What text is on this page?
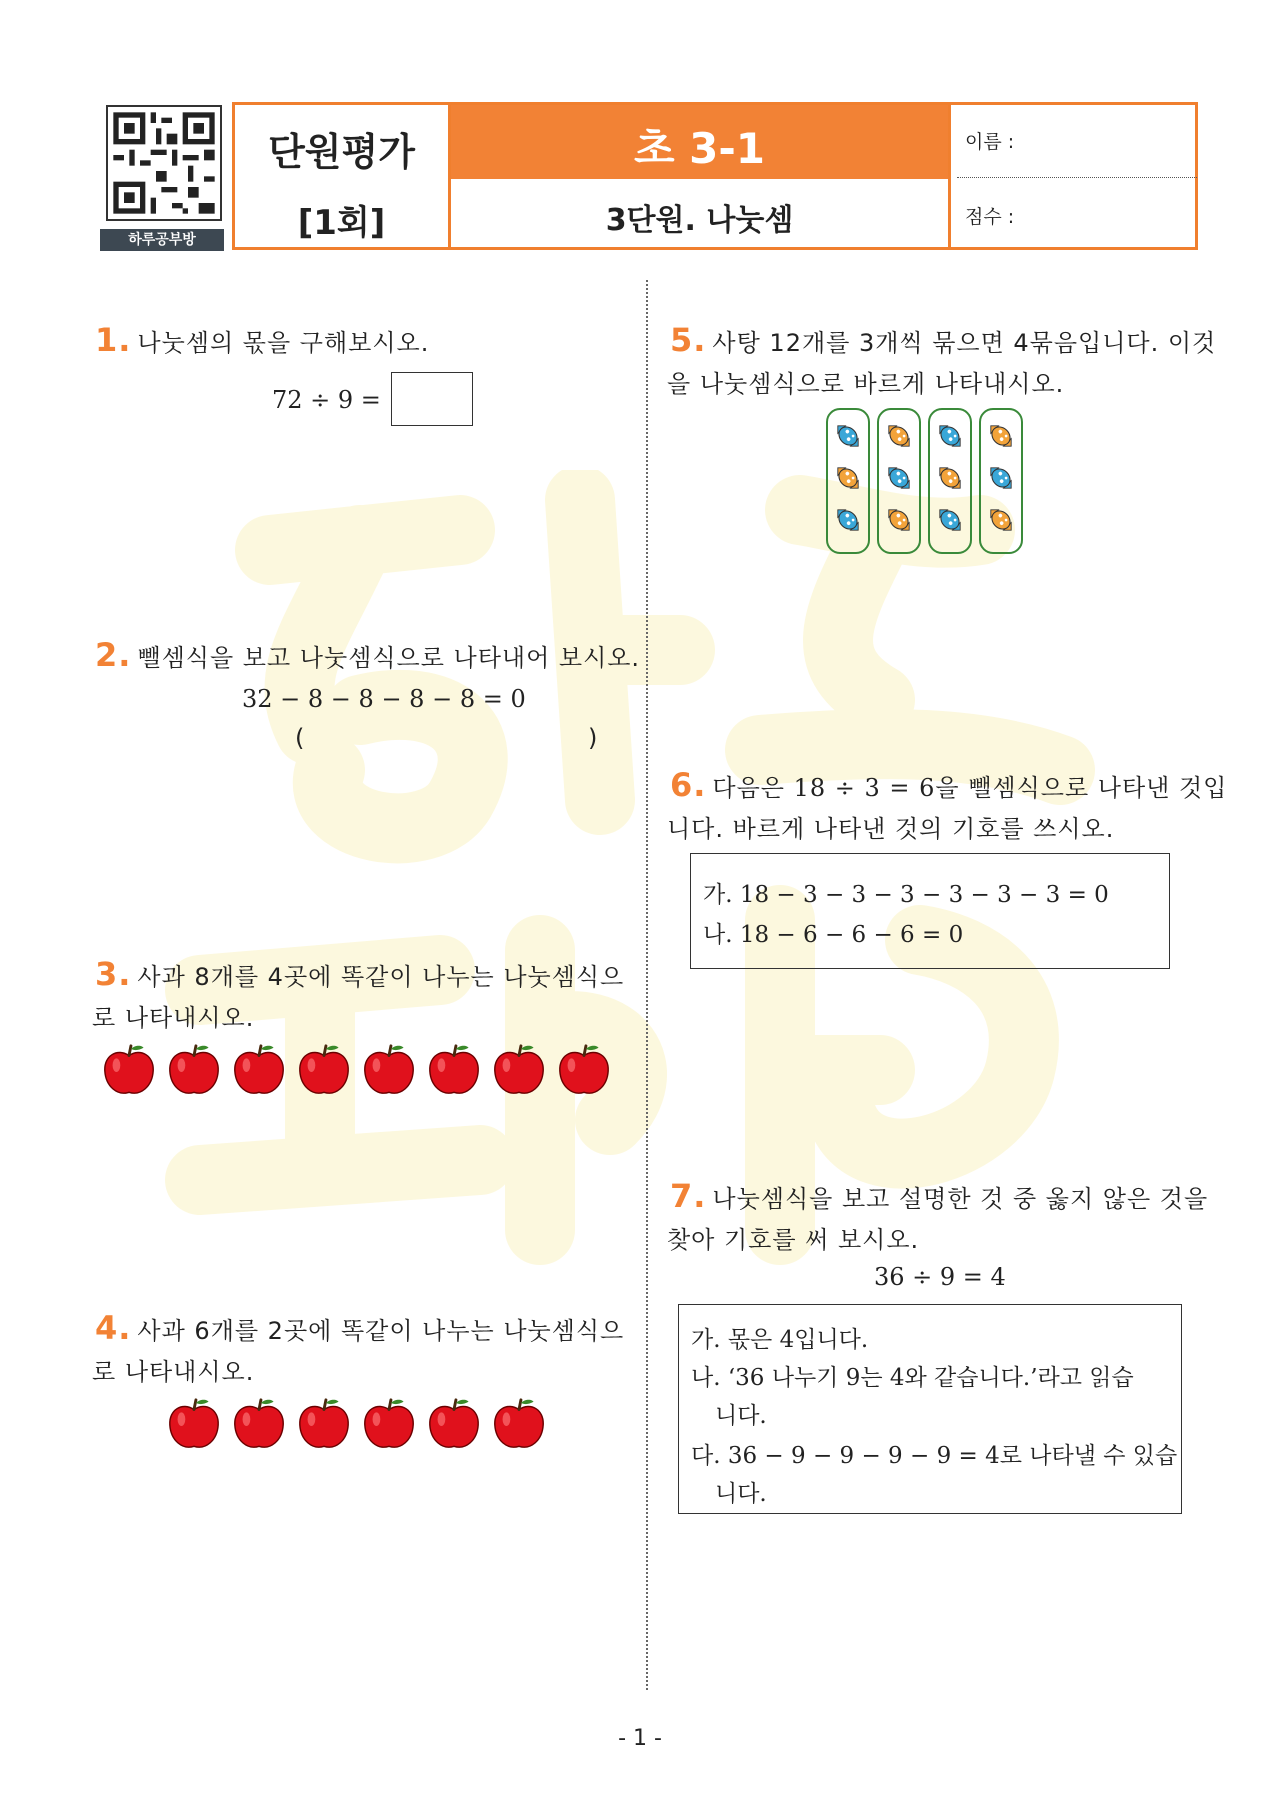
하루공부방
단원평가
[1회]
초 3-1
3단원. 나눗셈
이름 :
점수 :
1. 나눗셈의 몫을 구해보시오.
72 ÷ 9 =
2. 뺄셈식을 보고 나눗셈식으로 나타내어 보시오.
32 − 8 − 8 − 8 − 8 = 0
(	)
3. 사과 8개를 4곳에 똑같이 나누는 나눗셈식으
로 나타내시오.
4. 사과 6개를 2곳에 똑같이 나누는 나눗셈식으
로 나타내시오.
5. 사탕 12개를 3개씩 묶으면 4묶음입니다. 이것
을 나눗셈식으로 바르게 나타내시오.
6. 다음은 18 ÷ 3 = 6을 뺄셈식으로 나타낸 것입
니다. 바르게 나타낸 것의 기호를 쓰시오.
가. 18 − 3 − 3 − 3 − 3 − 3 − 3 = 0
나. 18 − 6 − 6 − 6 = 0
7. 나눗셈식을 보고 설명한 것 중 옳지 않은 것을
찾아 기호를 써 보시오.
36 ÷ 9 = 4
가. 몫은 4입니다.
나. ‘36 나누기 9는 4와 같습니다.’라고 읽습
니다.
다. 36 − 9 − 9 − 9 − 9 = 4로 나타낼 수 있습
니다.
- 1 -
